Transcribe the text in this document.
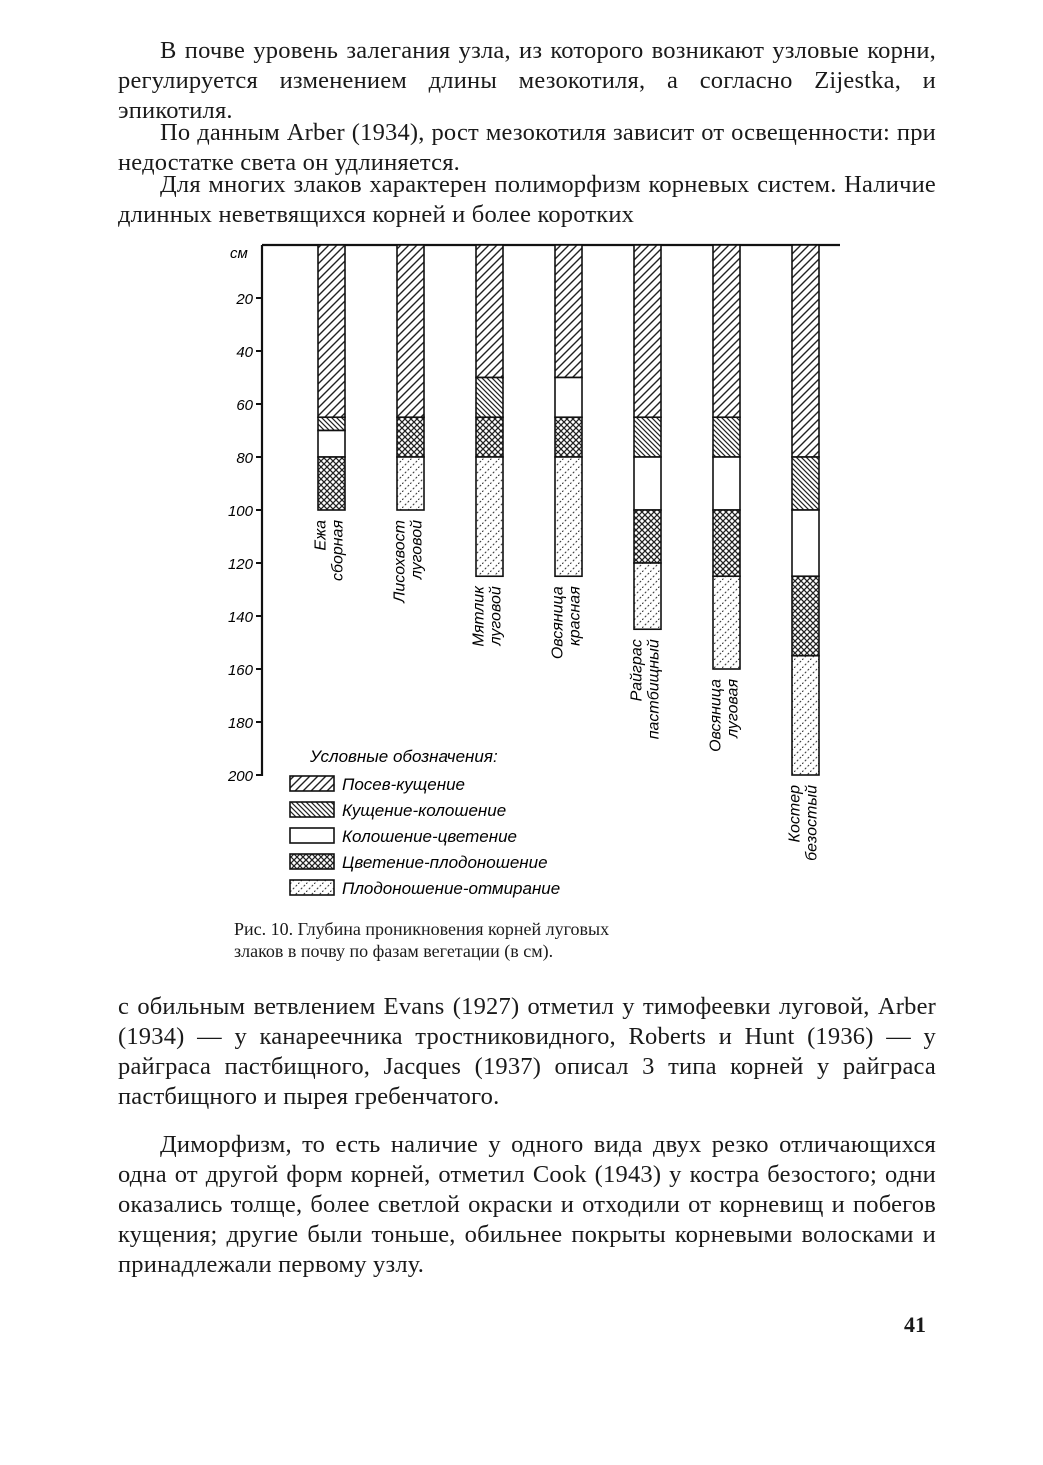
В почве уровень залегания узла, из которого возникают узловые корни, регулируется изменением длины мезокотиля, а согласно Zijestka, и эпикотиля.

По данным Arber (1934), рост мезокотиля зависит от освещенности: при недостатке света он удлиняется.

Для многих злаков характерен полиморфизм корневых систем. Наличие длинных неветвящихся корней и более коротких

см
20
40
60
80
100
120
140
160
180
200
Ежасборная	Лисохвостлуговой
Мятликлуговой	Овсяницакрасная
Райграспастбищный	Овсяницалуговая
Костербезостый
Условные обозначения:
Посев-кущение
Кущение-колошение
Колошение-цветение
Цветение-плодоношение
Плодоношение-отмирание

Рис. 10. Глубина проникновения корней луговых
злаков в почву по фазам вегетации (в см).

с обильным ветвлением Evans (1927) отметил у тимофеевки луговой, Arber (1934) — у канареечника тростниковидного, Roberts и Hunt (1936) — у райграса пастбищного, Jacques (1937) описал 3 типа корней у райграса пастбищного и пырея гребенчатого.

Диморфизм, то есть наличие у одного вида двух резко отличающихся одна от другой форм корней, отметил Cook (1943) у костра безостого; одни оказались толще, более светлой окраски и отходили от корневищ и побегов кущения; другие были тоньше, обильнее покрыты корневыми волосками и принадлежали первому узлу.

41
